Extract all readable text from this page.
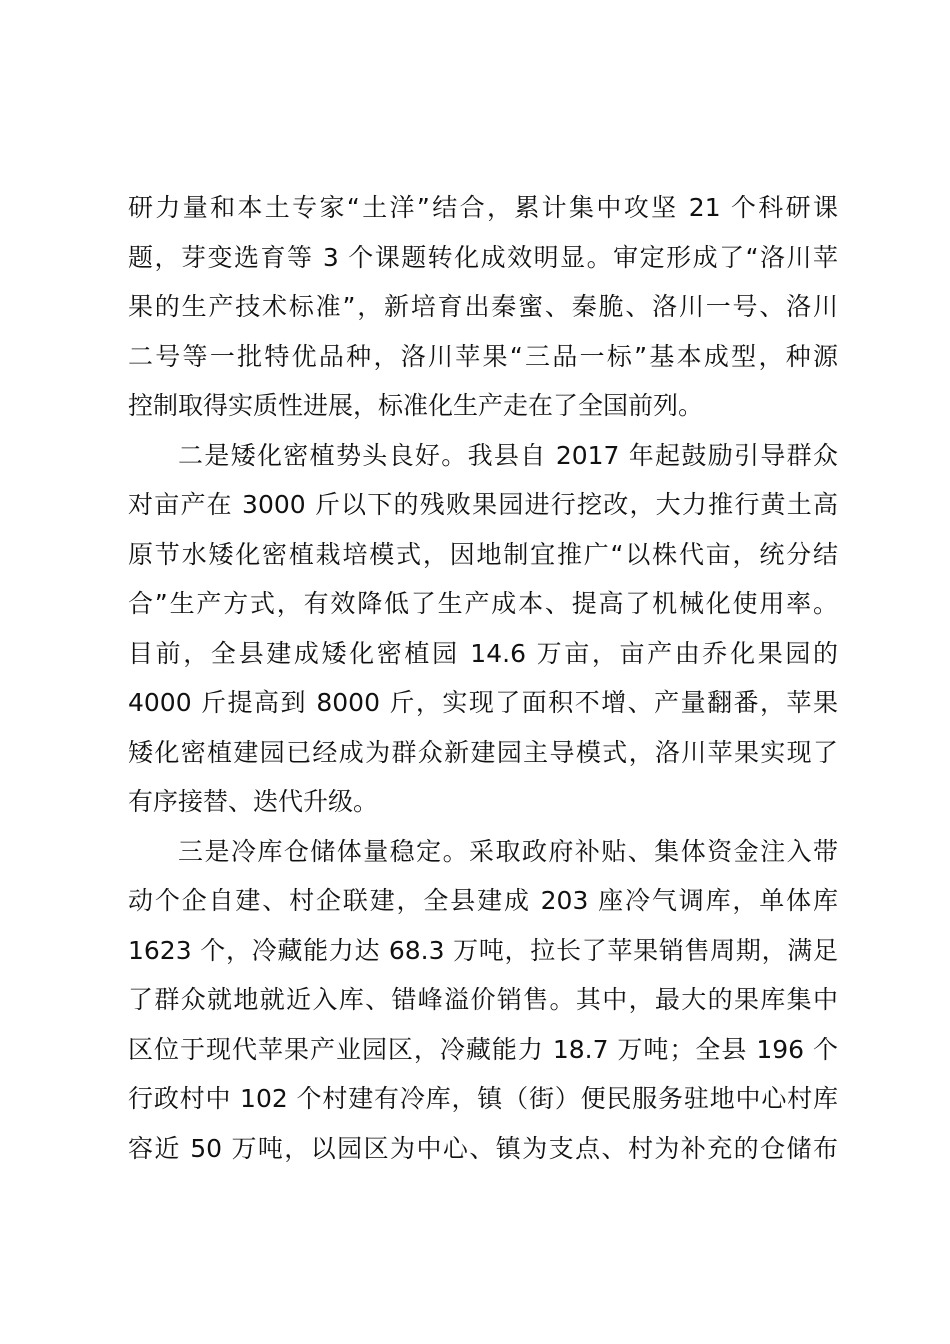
研力量和本土专家“土洋”结合，累计集中攻坚 21 个科研课
题，芽变选育等 3 个课题转化成效明显。审定形成了“洛川苹
果的生产技术标准”，新培育出秦蜜、秦脆、洛川一号、洛川
二号等一批特优品种，洛川苹果“三品一标”基本成型，种源
控制取得实质性进展，标准化生产走在了全国前列。
二是矮化密植势头良好。我县自 2017 年起鼓励引导群众
对亩产在 3000 斤以下的残败果园进行挖改，大力推行黄土高
原节水矮化密植栽培模式，因地制宜推广“以株代亩，统分结
合”生产方式，有效降低了生产成本、提高了机械化使用率。
目前，全县建成矮化密植园 14.6 万亩，亩产由乔化果园的
4000 斤提高到 8000 斤，实现了面积不增、产量翻番，苹果
矮化密植建园已经成为群众新建园主导模式，洛川苹果实现了
有序接替、迭代升级。
三是冷库仓储体量稳定。采取政府补贴、集体资金注入带
动个企自建、村企联建，全县建成 203 座冷气调库，单体库
1623 个，冷藏能力达 68.3 万吨，拉长了苹果销售周期，满足
了群众就地就近入库、错峰溢价销售。其中，最大的果库集中
区位于现代苹果产业园区，冷藏能力 18.7 万吨；全县 196 个
行政村中 102 个村建有冷库，镇（街）便民服务驻地中心村库
容近 50 万吨，以园区为中心、镇为支点、村为补充的仓储布
